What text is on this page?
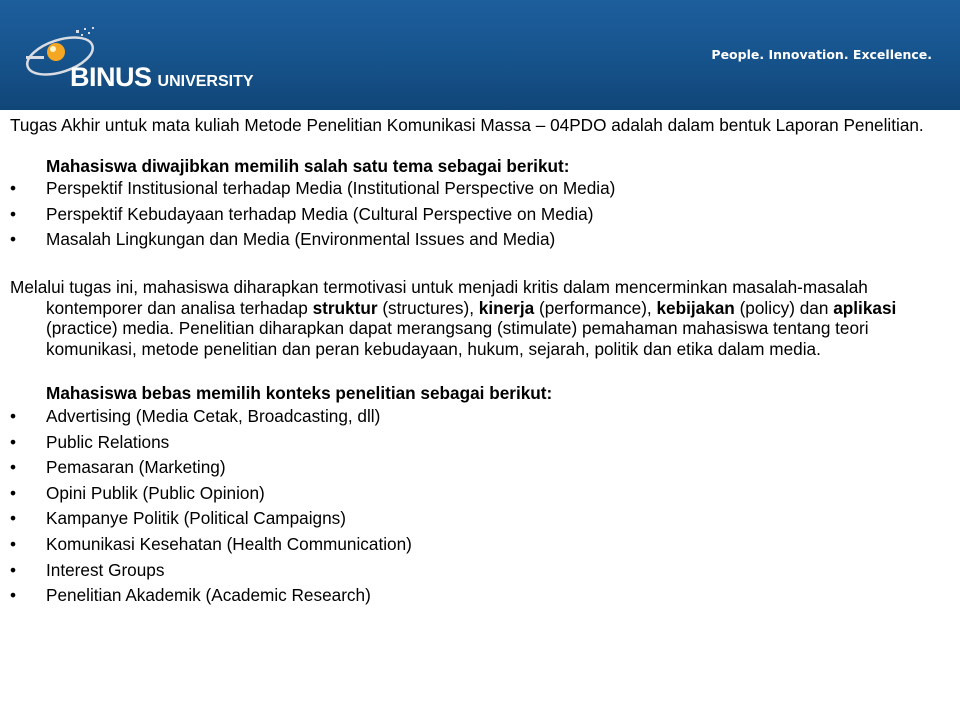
BINUS UNIVERSITY
People. Innovation. Excellence.

Tugas Akhir untuk mata kuliah Metode Penelitian Komunikasi Massa – 04PDO adalah dalam bentuk Laporan Penelitian.

Mahasiswa diwajibkan memilih salah satu tema sebagai berikut:

• Perspektif Institusional terhadap Media (Institutional Perspective on Media)
• Perspektif Kebudayaan terhadap Media (Cultural Perspective on Media)
• Masalah Lingkungan dan Media (Environmental Issues and Media)

Melalui tugas ini, mahasiswa diharapkan termotivasi untuk menjadi kritis dalam mencerminkan masalah-masalah kontemporer dan analisa terhadap struktur (structures), kinerja (performance), kebijakan (policy) dan aplikasi (practice) media. Penelitian diharapkan dapat merangsang (stimulate) pemahaman mahasiswa tentang teori komunikasi, metode penelitian dan peran kebudayaan, hukum, sejarah, politik dan etika dalam media.

Mahasiswa bebas memilih konteks penelitian sebagai berikut:

• Advertising (Media Cetak, Broadcasting, dll)
• Public Relations
• Pemasaran (Marketing)
• Opini Publik (Public Opinion)
• Kampanye Politik (Political Campaigns)
• Komunikasi Kesehatan (Health Communication)
• Interest Groups
• Penelitian Akademik (Academic Research)
